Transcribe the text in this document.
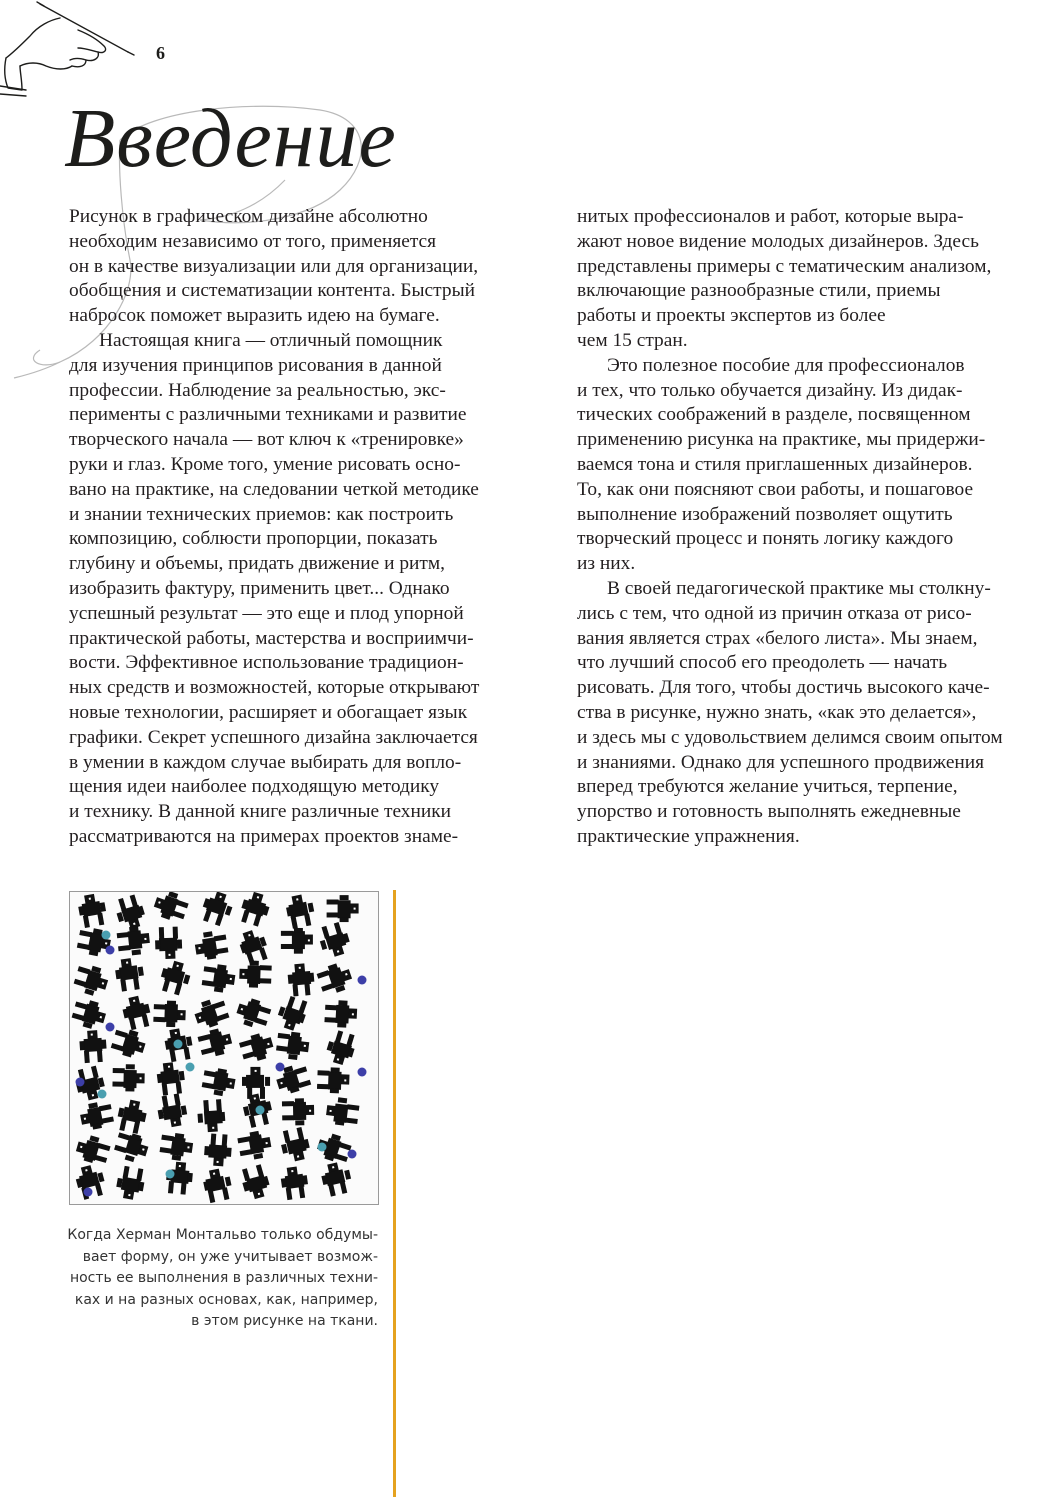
6
Введение
Рисунок в графическом дизайне абсолютно
необходим независимо от того, применяется
он в качестве визуализации или для организации,
обобщения и систематизации контента. Быстрый
набросок поможет выразить идею на бумаге.
Настоящая книга — отличный помощник
для изучения принципов рисования в данной
профессии. Наблюдение за реальностью, экс-
перименты с различными техниками и развитие
творческого начала — вот ключ к «тренировке»
руки и глаз. Кроме того, умение рисовать осно-
вано на практике, на следовании четкой методике
и знании технических приемов: как построить
композицию, соблюсти пропорции, показать
глубину и объемы, придать движение и ритм,
изобразить фактуру, применить цвет... Однако
успешный результат — это еще и плод упорной
практической работы, мастерства и восприимчи-
вости. Эффективное использование традицион-
ных средств и возможностей, которые открывают
новые технологии, расширяет и обогащает язык
графики. Секрет успешного дизайна заключается
в умении в каждом случае выбирать для вопло-
щения идеи наиболее подходящую методику
и технику. В данной книге различные техники
рассматриваются на примерах проектов знаме-
нитых профессионалов и работ, которые выра-
жают новое видение молодых дизайнеров. Здесь
представлены примеры с тематическим анализом,
включающие разнообразные стили, приемы
работы и проекты экспертов из более
чем 15 стран.
Это полезное пособие для профессионалов
и тех, что только обучается дизайну. Из дидак-
тических соображений в разделе, посвященном
применению рисунка на практике, мы придержи-
ваемся тона и стиля приглашенных дизайнеров.
То, как они поясняют свои работы, и пошаговое
выполнение изображений позволяет ощутить
творческий процесс и понять логику каждого
из них.
В своей педагогической практике мы столкну-
лись с тем, что одной из причин отказа от рисо-
вания является страх «белого листа». Мы знаем,
что лучший способ его преодолеть — начать
рисовать. Для того, чтобы достичь высокого каче-
ства в рисунке, нужно знать, «как это делается»,
и здесь мы с удовольствием делимся своим опытом
и знаниями. Однако для успешного продвижения
вперед требуются желание учиться, терпение,
упорство и готовность выполнять ежедневные
практические упражнения.
Когда Херман Монтальво только обдумы-
вает форму, он уже учитывает возмож-
ность ее выполнения в различных техни-
ках и на разных основах, как, например,
в этом рисунке на ткани.
